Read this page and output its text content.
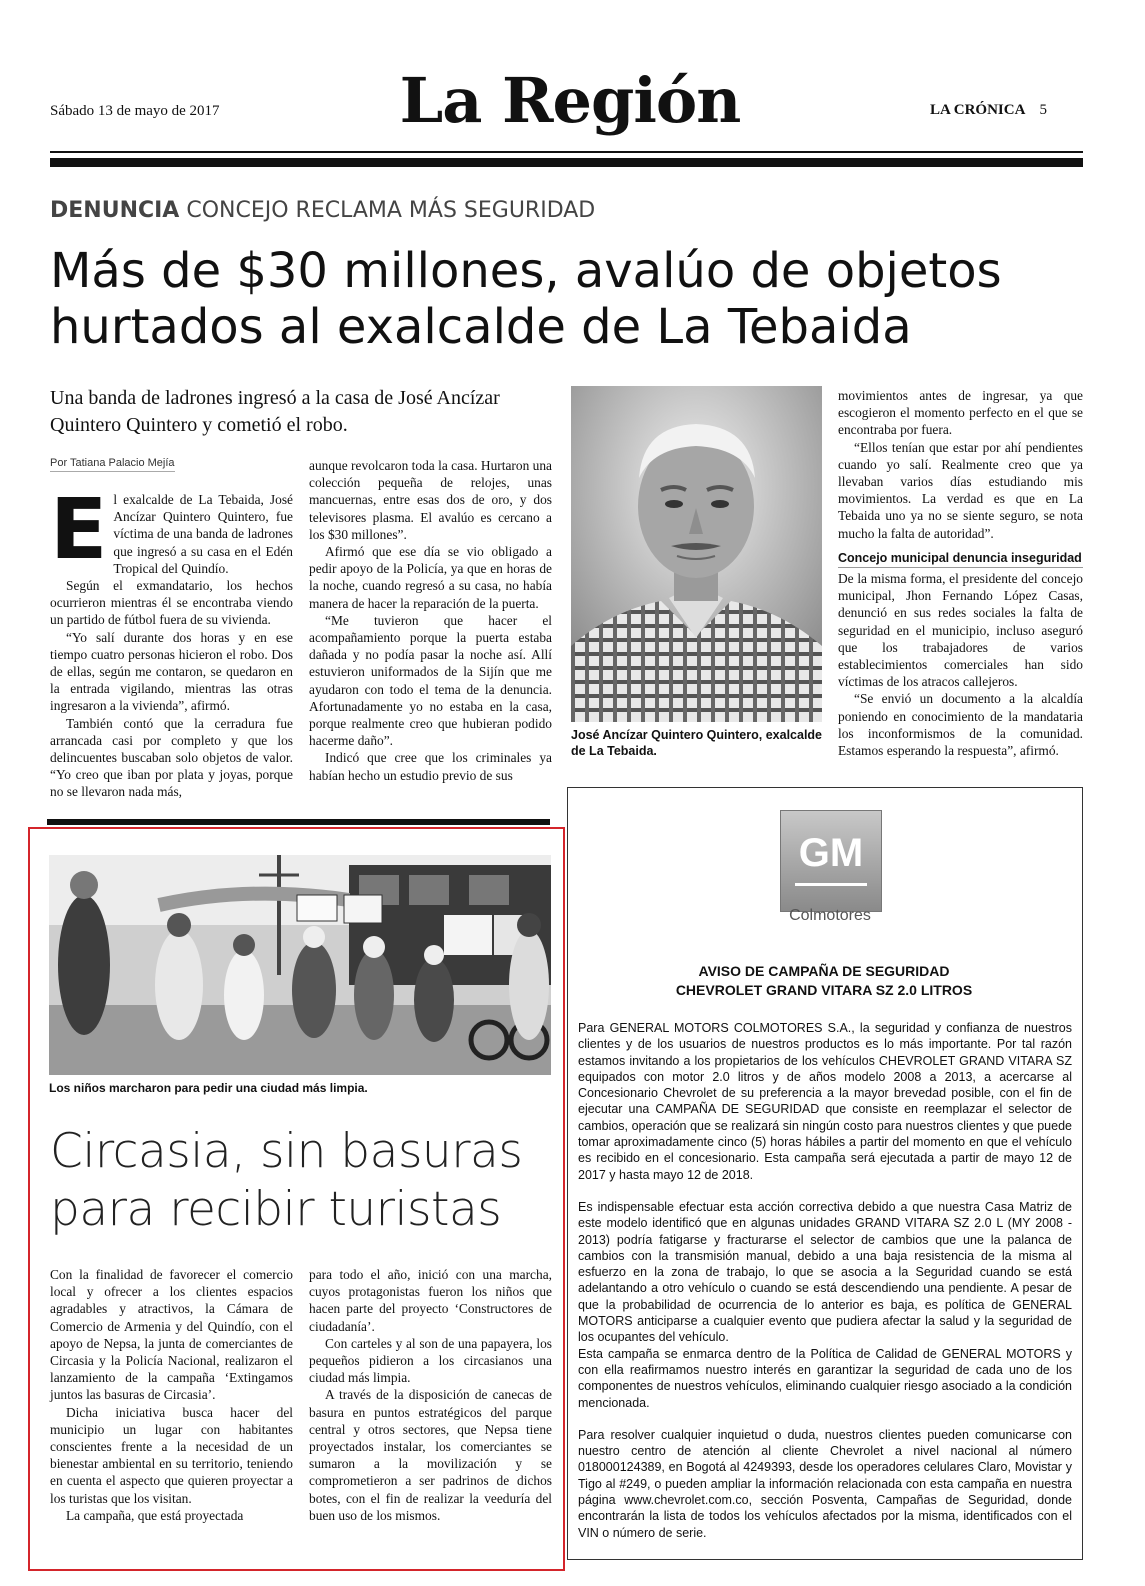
Sábado 13 de mayo de 2017	La Región	LA CRÓNICA 5
DENUNCIA CONCEJO RECLAMA MÁS SEGURIDAD
Más de $30 millones, avalúo de objetos hurtados al exalcalde de La Tebaida
Una banda de ladrones ingresó a la casa de José Ancízar Quintero Quintero y cometió el robo.
Por Tatiana Palacio Mejía
E l exalcalde de La Tebaida, José Ancízar Quintero Quintero, fue víctima de una banda de ladrones que ingresó a su casa en el Edén Tropical del Quindío.

Según el exmandatario, los hechos ocurrieron mientras él se encontraba viendo un partido de fútbol fuera de su vivienda.

“Yo salí durante dos horas y en ese tiempo cuatro personas hicieron el robo. Dos de ellas, según me contaron, se quedaron en la entrada vigilando, mientras las otras ingresaron a la vivienda”, afirmó.

También contó que la cerradura fue arrancada casi por completo y que los delincuentes buscaban solo objetos de valor. “Yo creo que iban por plata y joyas, porque no se llevaron nada más,

aunque revolcaron toda la casa. Hurtaron una colección pequeña de relojes, unas mancuernas, entre esas dos de oro, y dos televisores plasma. El avalúo es cercano a los $30 millones”.

Afirmó que ese día se vio obligado a pedir apoyo de la Policía, ya que en horas de la noche, cuando regresó a su casa, no había manera de hacer la reparación de la puerta.

“Me tuvieron que hacer el acompañamiento porque la puerta estaba dañada y no podía pasar la noche así. Allí estuvieron uniformados de la Sijín que me ayudaron con todo el tema de la denuncia. Afortunadamente yo no estaba en la casa, porque realmente creo que hubieran podido hacerme daño”.

Indicó que cree que los criminales ya habían hecho un estudio previo de sus

José Ancízar Quintero Quintero, exalcalde de La Tebaida.

movimientos antes de ingresar, ya que escogieron el momento perfecto en el que se encontraba por fuera.

“Ellos tenían que estar por ahí pendientes cuando yo salí. Realmente creo que ya llevaban varios días estudiando mis movimientos. La verdad es que en La Tebaida uno ya no se siente seguro, se nota mucho la falta de autoridad”.

Concejo municipal denuncia inseguridad

De la misma forma, el presidente del concejo municipal, Jhon Fernando López Casas, denunció en sus redes sociales la falta de seguridad en el municipio, incluso aseguró que los trabajadores de varios establecimientos comerciales han sido víctimas de los atracos callejeros.

“Se envió un documento a la alcaldía poniendo en conocimiento de la mandataria los inconformismos de la comunidad. Estamos esperando la respuesta”, afirmó.

Los niños marcharon para pedir una ciudad más limpia.
Circasia, sin basuras para recibir turistas

Con la finalidad de favorecer el comercio local y ofrecer a los clientes espacios agradables y atractivos, la Cámara de Comercio de Armenia y del Quindío, con el apoyo de Nepsa, la junta de comerciantes de Circasia y la Policía Nacional, realizaron el lanzamiento de la campaña ‘Extingamos juntos las basuras de Circasia’.

Dicha iniciativa busca hacer del municipio un lugar con habitantes conscientes frente a la necesidad de un bienestar ambiental en su territorio, teniendo en cuenta el aspecto que quieren proyectar a los turistas que los visitan.

La campaña, que está proyectada

para todo el año, inició con una marcha, cuyos protagonistas fueron los niños que hacen parte del proyecto ‘Constructores de ciudadanía’.

Con carteles y al son de una papayera, los pequeños pidieron a los circasianos una ciudad más limpia.

A través de la disposición de canecas de basura en puntos estratégicos del parque central y otros sectores, que Nepsa tiene proyectados instalar, los comerciantes se sumaron a la movilización y se comprometieron a ser padrinos de dichos botes, con el fin de realizar la veeduría del buen uso de los mismos.

GM
Colmotores
AVISO DE CAMPAÑA DE SEGURIDAD
CHEVROLET GRAND VITARA SZ 2.0 LITROS

Para GENERAL MOTORS COLMOTORES S.A., la seguridad y confianza de nuestros clientes y de los usuarios de nuestros productos es lo más importante. Por tal razón estamos invitando a los propietarios de los vehículos CHEVROLET GRAND VITARA SZ equipados con motor 2.0 litros y de años modelo 2008 a 2013, a acercarse al Concesionario Chevrolet de su preferencia a la mayor brevedad posible, con el fin de ejecutar una CAMPAÑA DE SEGURIDAD que consiste en reemplazar el selector de cambios, operación que se realizará sin ningún costo para nuestros clientes y que puede tomar aproximadamente cinco (5) horas hábiles a partir del momento en que el vehículo es recibido en el concesionario. Esta campaña será ejecutada a partir de mayo 12 de 2017 y hasta mayo 12 de 2018.

Es indispensable efectuar esta acción correctiva debido a que nuestra Casa Matriz de este modelo identificó que en algunas unidades GRAND VITARA SZ 2.0 L (MY 2008 - 2013) podría fatigarse y fracturarse el selector de cambios que une la palanca de cambios con la transmisión manual, debido a una baja resistencia de la misma al esfuerzo en la zona de trabajo, lo que se asocia a la Seguridad cuando se está adelantando a otro vehículo o cuando se está descendiendo una pendiente. A pesar de que la probabilidad de ocurrencia de lo anterior es baja, es política de GENERAL MOTORS anticiparse a cualquier evento que pudiera afectar la salud y la seguridad de los ocupantes del vehículo.

Esta campaña se enmarca dentro de la Política de Calidad de GENERAL MOTORS y con ella reafirmamos nuestro interés en garantizar la seguridad de cada uno de los componentes de nuestros vehículos, eliminando cualquier riesgo asociado a la condición mencionada.

Para resolver cualquier inquietud o duda, nuestros clientes pueden comunicarse con nuestro centro de atención al cliente Chevrolet a nivel nacional al número 018000124389, en Bogotá al 4249393, desde los operadores celulares Claro, Movistar y Tigo al #249, o pueden ampliar la información relacionada con esta campaña en nuestra página www.chevrolet.com.co, sección Posventa, Campañas de Seguridad, donde encontrarán la lista de todos los vehículos afectados por la misma, identificados con el VIN o número de serie.
